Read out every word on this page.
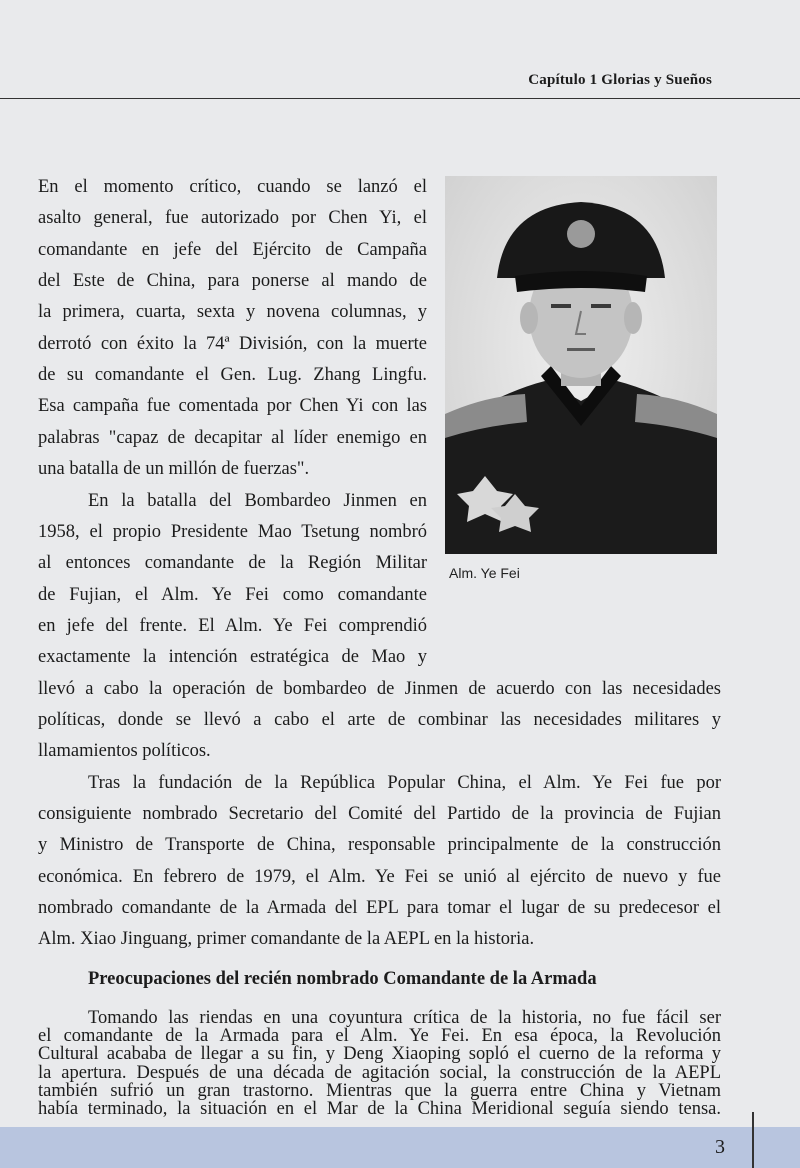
Capítulo 1 Glorias y Sueños
Alm. Ye Fei
En el momento crítico, cuando se lanzó el
asalto general, fue autorizado por Chen Yi, el
comandante en jefe del Ejército de Campaña
del Este de China, para ponerse al mando de
la primera, cuarta, sexta y novena columnas, y
derrotó con éxito la 74ª División, con la muerte
de su comandante el Gen. Lug. Zhang Lingfu.
Esa campaña fue comentada por Chen Yi con las
palabras "capaz de decapitar al líder enemigo en
una batalla de un millón de fuerzas".
En la batalla del Bombardeo Jinmen en
1958, el propio Presidente Mao Tsetung nombró
al entonces comandante de la Región Militar
de Fujian, el Alm. Ye Fei como comandante
en jefe del frente. El Alm. Ye Fei comprendió
exactamente la intención estratégica de Mao y
llevó a cabo la operación de bombardeo de Jinmen de acuerdo con las necesidades
políticas, donde se llevó a cabo el arte de combinar las necesidades militares y
llamamientos políticos.
Tras la fundación de la República Popular China, el Alm. Ye Fei fue por
consiguiente nombrado Secretario del Comité del Partido de la provincia de Fujian
y Ministro de Transporte de China, responsable principalmente de la construcción
económica. En febrero de 1979, el Alm. Ye Fei se unió al ejército de nuevo y fue
nombrado comandante de la Armada del EPL para tomar el lugar de su predecesor el
Alm. Xiao Jinguang, primer comandante de la AEPL en la historia.
Preocupaciones del recién nombrado Comandante de la Armada
Tomando las riendas en una coyuntura crítica de la historia, no fue fácil ser
el comandante de la Armada para el Alm. Ye Fei. En esa época, la Revolución
Cultural acababa de llegar a su fin, y Deng Xiaoping sopló el cuerno de la reforma y
la apertura. Después de una década de agitación social, la construcción de la AEPL
3
también sufrió un gran trastorno. Mientras que la guerra entre China y Vietnam
había terminado, la situación en el Mar de la China Meridional seguía siendo tensa.
